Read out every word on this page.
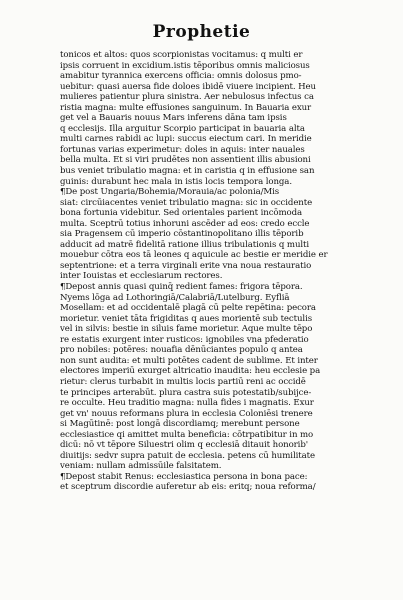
Prophetie
tonicos et altos: quos scorpionistas vocitamus: q multi er
ipsis corruent in excidium.istis tēporibus omnis maliciosus
amabitur tyrannica exercens officia: omnis dolosus pmo-
uebitur: quasi auersa fide doloes ibidē viuere incipient. Heu
mulieres patientur plura sinistra. Aer nebulosus infectus ca
ristia magna: multe effusiones sanguinum. In Bauaria exur
get vel a Bauaris nouus Mars inferens dāna tam ipsis
q ecclesijs. Illa arguitur Scorpio participat in bauaria alta
multi carnes rabidi ac lupi: succus eiectum cari. In meridie
fortunas varias experimetur: doles in aquis: inter nauales
bella multa. Et si viri prudētes non assentient illis abusioni
bus veniet tribulatio magna: et in caristia q in effusione san
guinis: durabunt hec mala in istis locis tempora longa.
¶De post Ungaria/Bohemia/Morauia/ac polonia/Mis
siat: circūiacentes veniet tribulatio magna: sic in occidente
bona fortunia videbitur. Sed orientales parient incōmoda
multa. Sceptrū totius inhoruni ascēder ad eos: credo eccle
sia Pragensem cū imperio cōstantinopolitano illis tēporib
adducit ad matrē fidelitā ratione illius tribulationis q multi
mouebur cōtra eos tā leones q aquicule ac bestie er meridie er
septentrione: et a terra virginali erite vna noua restauratio
inter Iouistas et ecclesiarum rectores.
¶Depost annis quasi quinq̄ redient fames: frigora tēpora.
Nyems lōga ad Lothoringiā/Calabriā/Lutelburg. Eyfliā
Mosellam: et ad occidentalē plagā cū pelte repētina: pecora
morietur. veniet tāta frigiditas q aues morientē sub tectulis
vel in silvis: bestie in siluis fame morietur. Aque multe tēpo
re estatis exurgent inter rusticos: ignobiles vna pfederatio
pro nobiles: potēres: nouafia dēnūciantes populo q antea
non sunt audita: et multi potētes cadent de sublime. Et inter
electores imperiū exurget altricatio inaudita: heu ecclesie pa
rietur: clerus turbabit in multis locis partiū reni ac occidē
te principes arterabūt. plura castra suis potestatib/subijce-
re occulte. Heu traditio magna: nulla fides i magnatis. Exur
get vn' nouus reformans plura in ecclesia Coloniēsi trenere
si Magūtinē: post longā discordiamq; merebunt persone
ecclesiastice qi amittet multa beneficia: cōtrpatibitur in mo
dicū: nō vt tēpore Siluestri olim q ecclesiā ditauit honorib'
diuitijs: sedvr supra patuit de ecclesia. petens cū humilitate
veniam: nullam admissūile falsitatem.
¶Depost stabit Renus: ecclesiastica persona in bona pace:
et sceptrum discordie auferetur ab eis: eritq; noua reforma/
